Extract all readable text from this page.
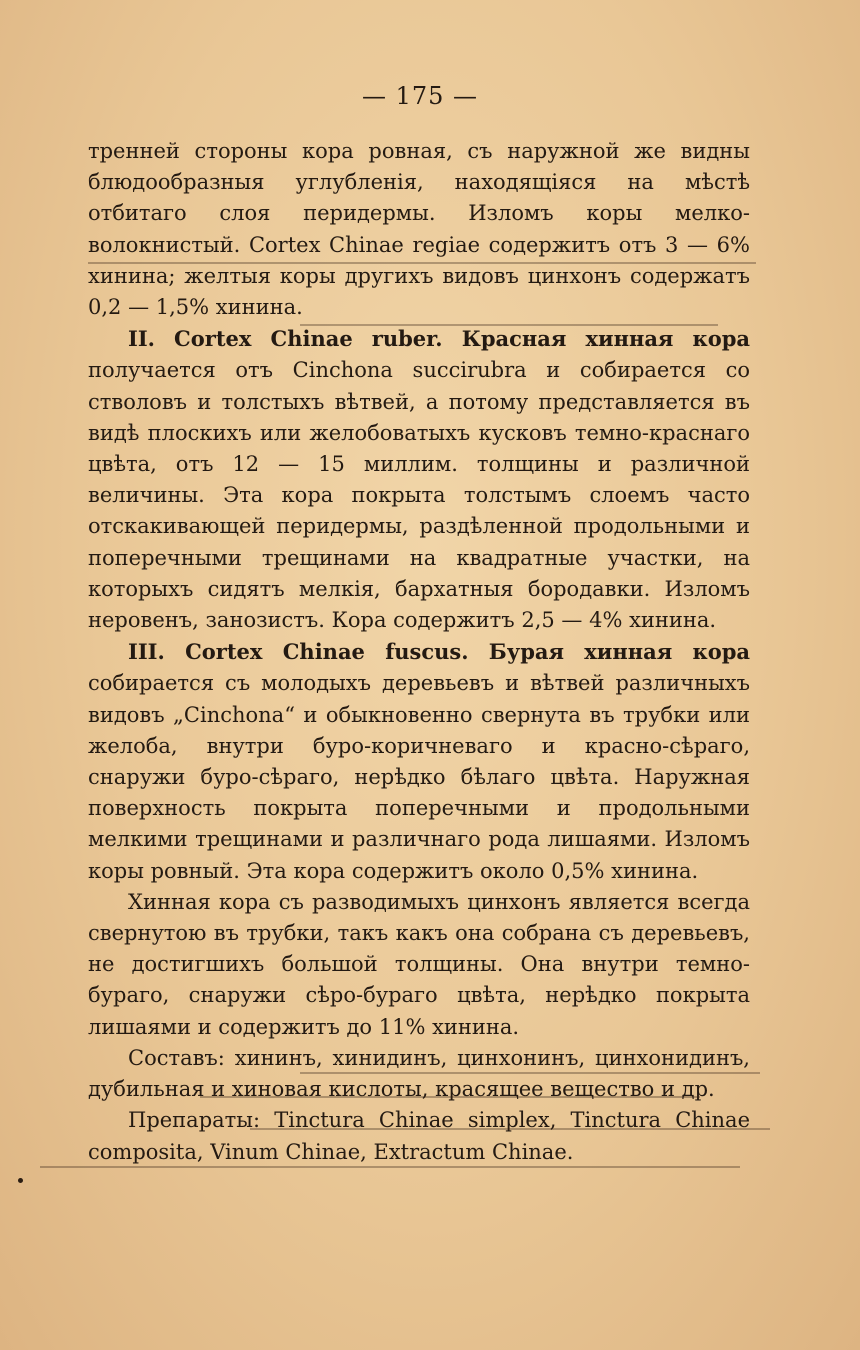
— 175 —

тренней стороны кора ровная, съ наружной же видны блюдообразныя углубленія, находящіяся на мѣстѣ отбитаго слоя перидермы. Изломъ коры мелко-волокнистый. Cortex Chinae regiae содержитъ отъ 3 — 6% хинина; желтыя коры другихъ видовъ цинхонъ содержатъ 0,2 — 1,5% хинина.

II. Cortex Chinae ruber. Красная хинная кора получается отъ Cinchona succirubra и собирается со стволовъ и толстыхъ вѣтвей, а потому представляется въ видѣ плоскихъ или желобоватыхъ кусковъ темно-краснаго цвѣта, отъ 12 — 15 миллим. толщины и различной величины. Эта кора покрыта толстымъ слоемъ часто отскакивающей перидермы, раздѣленной продольными и поперечными трещинами на квадратные участки, на которыхъ сидятъ мелкія, бархатныя бородавки. Изломъ неровенъ, занозистъ. Кора содержитъ 2,5 — 4% хинина.

III. Cortex Chinae fuscus. Бурая хинная кора собирается съ молодыхъ деревьевъ и вѣтвей различныхъ видовъ „Cinchona“ и обыкновенно свернута въ трубки или желоба, внутри буро-коричневаго и красно-сѣраго, снаружи буро-сѣраго, нерѣдко бѣлаго цвѣта. Наружная поверхность покрыта поперечными и продольными мелкими трещинами и различнаго рода лишаями. Изломъ коры ровный. Эта кора содержитъ около 0,5% хинина.

Хинная кора съ разводимыхъ цинхонъ является всегда свернутою въ трубки, такъ какъ она собрана съ деревьевъ, не достигшихъ большой толщины. Она внутри темно-бураго, снаружи сѣро-бураго цвѣта, нерѣдко покрыта лишаями и содержитъ до 11% хинина.

Составъ: хининъ, хинидинъ, цинхонинъ, цинхонидинъ, дубильная и хиновая кислоты, красящее вещество и др.

Препараты: Tinctura Chinae simplex, Tinctura Chinae composita, Vinum Chinae, Extractum Chinae.
